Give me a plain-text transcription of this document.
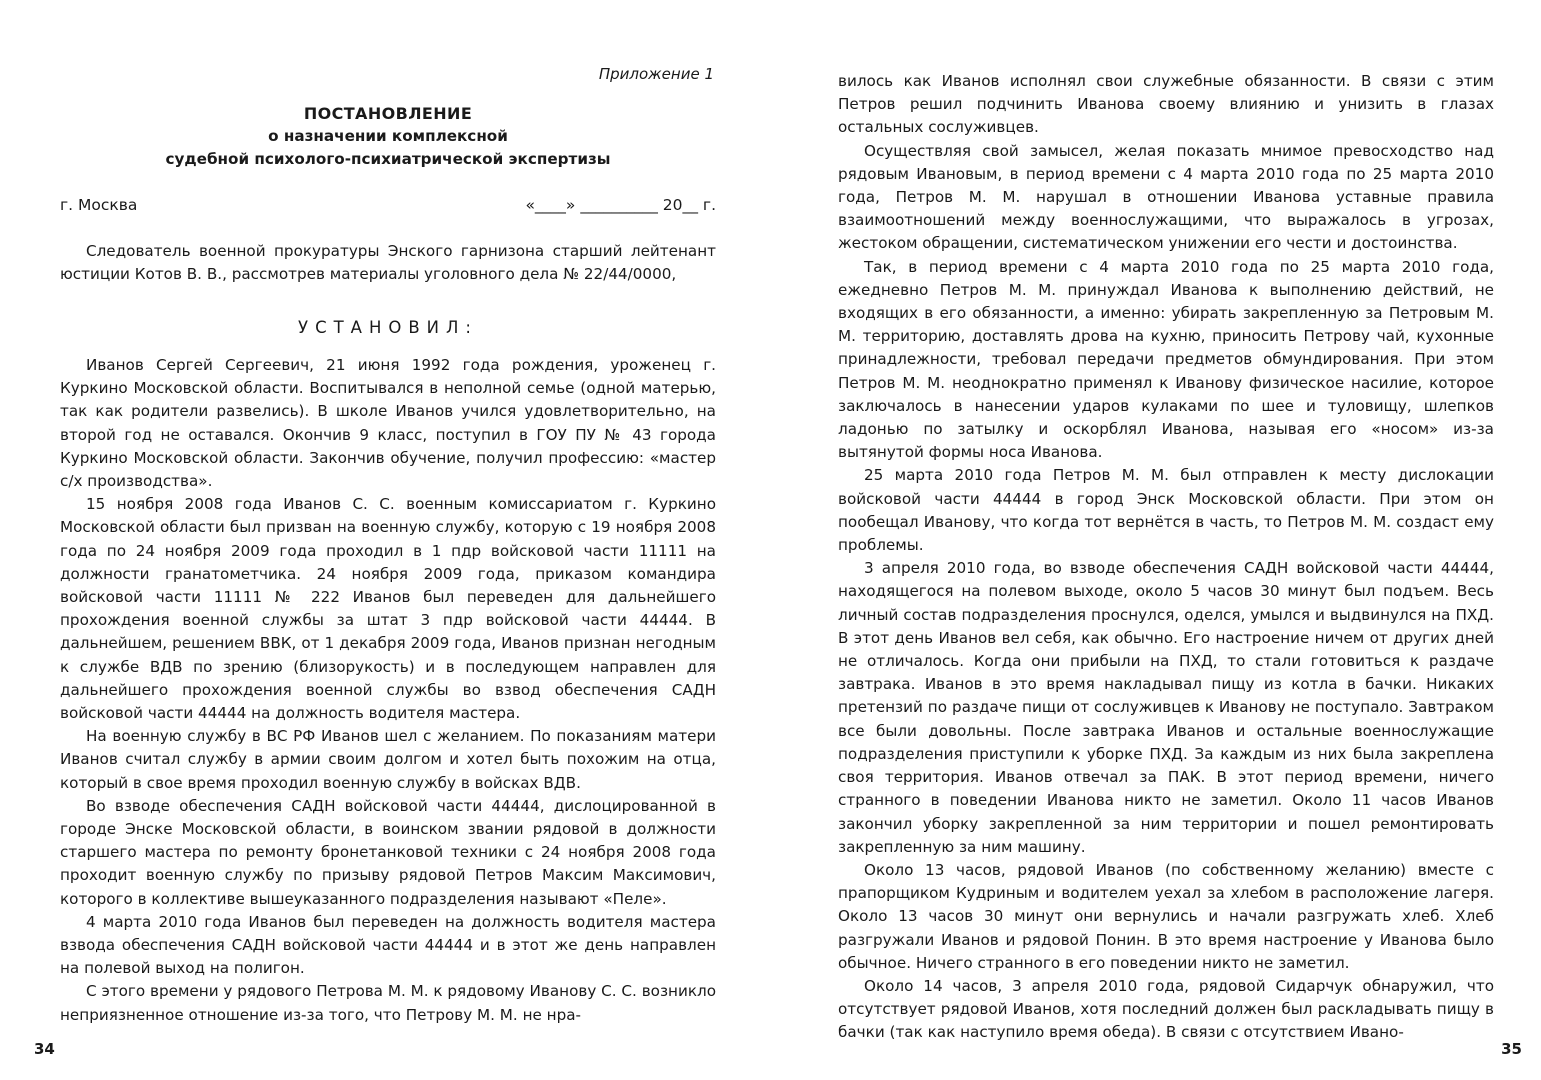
Приложение 1

ПОСТАНОВЛЕНИЕ

о назначении комплексной

судебной психолого-психиатрической экспертизы

г. Москва	«____» __________ 20__ г.

Следователь военной прокуратуры Энского гарнизона старший лейтенант юстиции Котов В. В., рассмотрев материалы уголовного дела № 22/44/0000,

УСТАНОВИЛ:

Иванов Сергей Сергеевич, 21 июня 1992 года рождения, уроженец г. Куркино Московской области. Воспитывался в неполной семье (одной матерью, так как родители развелись). В школе Иванов учился удовлетворительно, на второй год не оставался. Окончив 9 класс, поступил в ГОУ ПУ № 43 города Куркино Московской области. Закончив обучение, получил профессию: «мастер с/х производства».

15 ноября 2008 года Иванов С. С. военным комиссариатом г. Куркино Московской области был призван на военную службу, которую с 19 ноября 2008 года по 24 ноября 2009 года проходил в 1 пдр войсковой части 11111 на должности гранатометчика. 24 ноября 2009 года, приказом командира войсковой части 11111 № 222 Иванов был переведен для дальнейшего прохождения военной службы за штат 3 пдр войсковой части 44444. В дальнейшем, решением ВВК, от 1 декабря 2009 года, Иванов признан негодным к службе ВДВ по зрению (близорукость) и в последующем направлен для дальнейшего прохождения военной службы во взвод обеспечения САДН войсковой части 44444 на должность водителя мастера.

На военную службу в ВС РФ Иванов шел с желанием. По показаниям матери Иванов считал службу в армии своим долгом и хотел быть похожим на отца, который в свое время проходил военную службу в войсках ВДВ.

Во взводе обеспечения САДН войсковой части 44444, дислоцированной в городе Энске Московской области, в воинском звании рядовой в должности старшего мастера по ремонту бронетанковой техники с 24 ноября 2008 года проходит военную службу по призыву рядовой Петров Максим Максимович, которого в коллективе вышеуказанного подразделения называют «Пеле».

4 марта 2010 года Иванов был переведен на должность водителя мастера взвода обеспечения САДН войсковой части 44444 и в этот же день направлен на полевой выход на полигон.

С этого времени у рядового Петрова М. М. к рядовому Иванову С. С. возникло неприязненное отношение из-за того, что Петрову М. М. не нра-

34

вилось как Иванов исполнял свои служебные обязанности. В связи с этим Петров решил подчинить Иванова своему влиянию и унизить в глазах остальных сослуживцев.

Осуществляя свой замысел, желая показать мнимое превосходство над рядовым Ивановым, в период времени с 4 марта 2010 года по 25 марта 2010 года, Петров М. М. нарушал в отношении Иванова уставные правила взаимоотношений между военнослужащими, что выражалось в угрозах, жестоком обращении, систематическом унижении его чести и достоинства.

Так, в период времени с 4 марта 2010 года по 25 марта 2010 года, ежедневно Петров М. М. принуждал Иванова к выполнению действий, не входящих в его обязанности, а именно: убирать закрепленную за Петровым М. М. территорию, доставлять дрова на кухню, приносить Петрову чай, кухонные принадлежности, требовал передачи предметов обмундирования. При этом Петров М. М. неоднократно применял к Иванову физическое насилие, которое заключалось в нанесении ударов кулаками по шее и туловищу, шлепков ладонью по затылку и оскорблял Иванова, называя его «носом» из-за вытянутой формы носа Иванова.

25 марта 2010 года Петров М. М. был отправлен к месту дислокации войсковой части 44444 в город Энск Московской области. При этом он пообещал Иванову, что когда тот вернётся в часть, то Петров М. М. создаст ему проблемы.

3 апреля 2010 года, во взводе обеспечения САДН войсковой части 44444, находящегося на полевом выходе, около 5 часов 30 минут был подъем. Весь личный состав подразделения проснулся, оделся, умылся и выдвинулся на ПХД. В этот день Иванов вел себя, как обычно. Его настроение ничем от других дней не отличалось. Когда они прибыли на ПХД, то стали готовиться к раздаче завтрака. Иванов в это время накладывал пищу из котла в бачки. Никаких претензий по раздаче пищи от сослуживцев к Иванову не поступало. Завтраком все были довольны. После завтрака Иванов и остальные военнослужащие подразделения приступили к уборке ПХД. За каждым из них была закреплена своя территория. Иванов отвечал за ПАК. В этот период времени, ничего странного в поведении Иванова никто не заметил. Около 11 часов Иванов закончил уборку закрепленной за ним территории и пошел ремонтировать закрепленную за ним машину.

Около 13 часов, рядовой Иванов (по собственному желанию) вместе с прапорщиком Кудриным и водителем уехал за хлебом в расположение лагеря. Около 13 часов 30 минут они вернулись и начали разгружать хлеб. Хлеб разгружали Иванов и рядовой Понин. В это время настроение у Иванова было обычное. Ничего странного в его поведении никто не заметил.

Около 14 часов, 3 апреля 2010 года, рядовой Сидарчук обнаружил, что отсутствует рядовой Иванов, хотя последний должен был раскладывать пищу в бачки (так как наступило время обеда). В связи с отсутствием Ивано-

35
